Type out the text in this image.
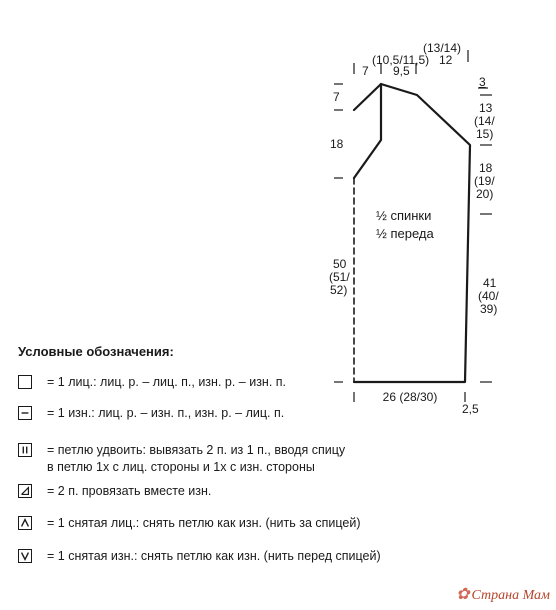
(13/14)
(10,5/11,5) 12
7 9,5
7
18
50
(51/
52)
3
13
(14/
15)
18
(19/
20)
41
(40/
39)
26 (28/30)
2,5
½ спинки
½ переда
Условные обозначения:
= 1 лиц.: лиц. р. – лиц. п., изн. р. – изн. п.
= 1 изн.: лиц. р. – изн. п., изн. р. – лиц. п.
= петлю удвоить: вывязать 2 п. из 1 п., вводя спицу
в петлю 1х с лиц. стороны и 1х с изн. стороны
= 2 п. провязать вместе изн.
= 1 снятая лиц.: снять петлю как изн. (нить за спицей)
= 1 снятая изн.: снять петлю как изн. (нить перед спицей)
✿ Страна Мам
